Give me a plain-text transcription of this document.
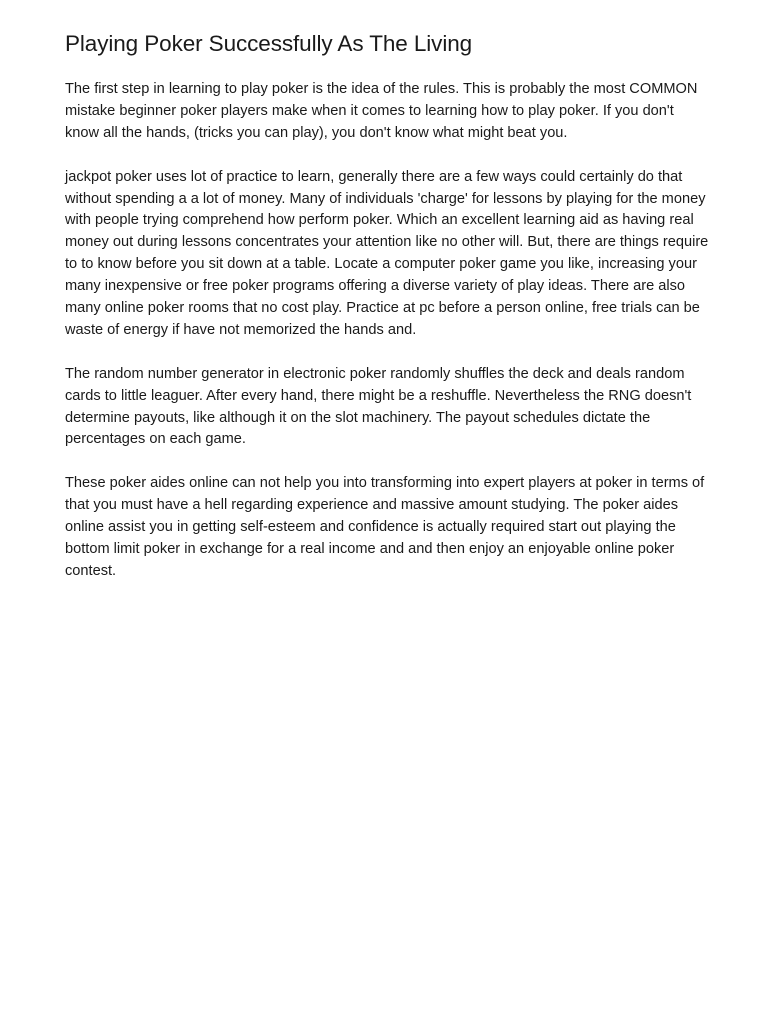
Playing Poker Successfully As The Living

The first step in learning to play poker is the idea of the rules. This is probably the most COMMON mistake beginner poker players make when it comes to learning how to play poker. If you don't know all the hands, (tricks you can play), you don't know what might beat you.

jackpot poker uses lot of practice to learn, generally there are a few ways could certainly do that without spending a a lot of money. Many of individuals 'charge' for lessons by playing for the money with people trying comprehend how perform poker. Which an excellent learning aid as having real money out during lessons concentrates your attention like no other will. But, there are things require to to know before you sit down at a table. Locate a computer poker game you like, increasing your many inexpensive or free poker programs offering a diverse variety of play ideas. There are also many online poker rooms that no cost play. Practice at pc before a person online, free trials can be waste of energy if have not memorized the hands and.

The random number generator in electronic poker randomly shuffles the deck and deals random cards to little leaguer. After every hand, there might be a reshuffle. Nevertheless the RNG doesn't determine payouts, like although it on the slot machinery. The payout schedules dictate the percentages on each game.

These poker aides online can not help you into transforming into expert players at poker in terms of that you must have a hell regarding experience and massive amount studying. The poker aides online assist you in getting self-esteem and confidence is actually required start out playing the bottom limit poker in exchange for a real income and and then enjoy an enjoyable online poker contest.
